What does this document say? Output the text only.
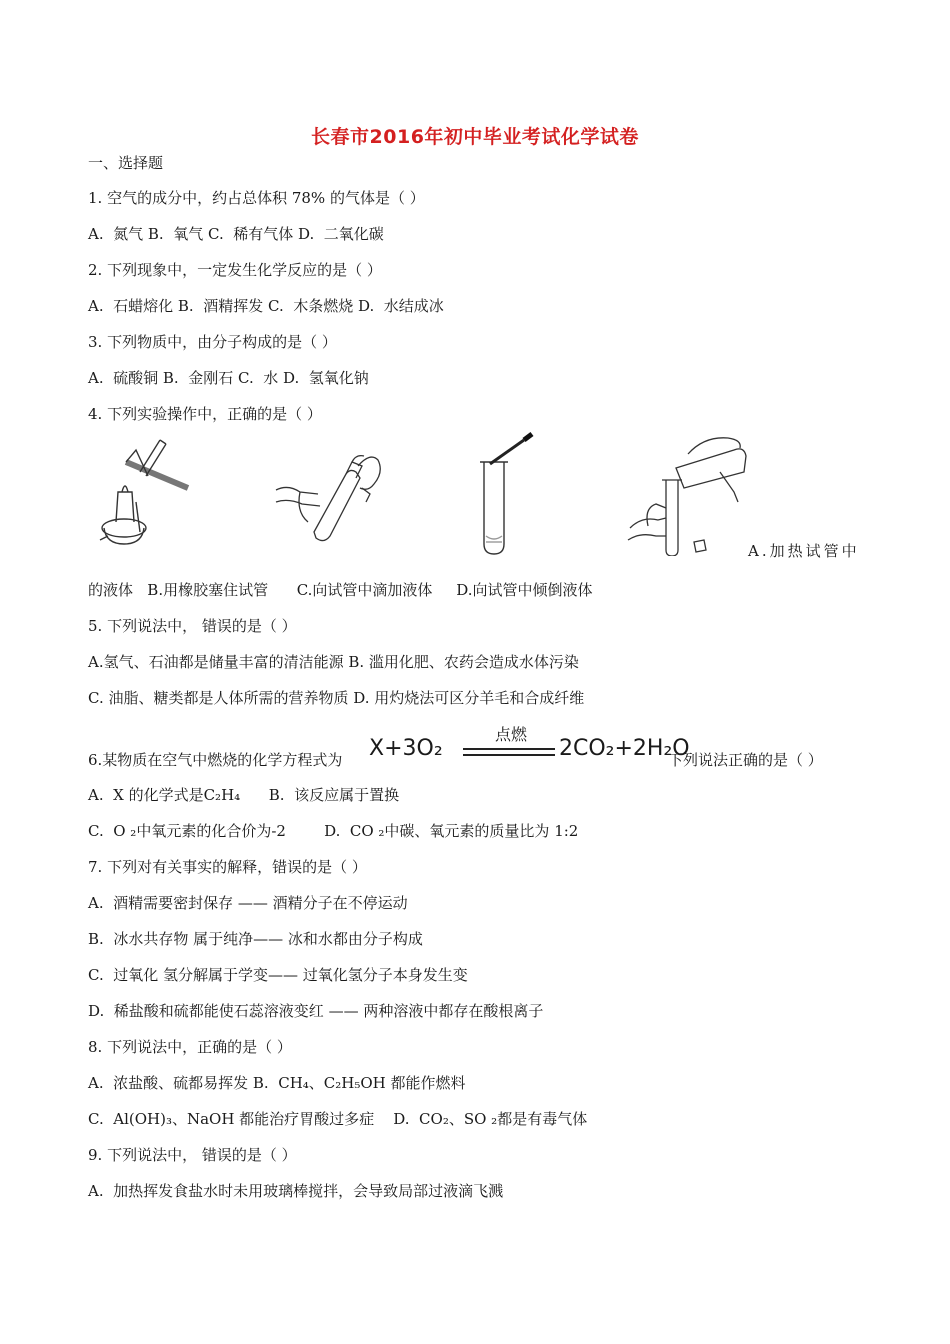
长春市2016年初中毕业考试化学试卷
一、选择题
1. 空气的成分中，约占总体积 78% 的气体是（ ）
A.  氮气 B.  氧气 C.  稀有气体 D.  二氧化碳
2. 下列现象中，一定发生化学反应的是（ ）
A.  石蜡熔化 B.  酒精挥发 C.  木条燃烧 D.  水结成冰
3. 下列物质中，由分子构成的是（ ）
A.  硫酸铜 B.  金刚石 C.  水 D.  氢氧化钠
4. 下列实验操作中，正确的是（ ）
A.加热试管中
的液体   B.用橡胶塞住试管      C.向试管中滴加液体     D.向试管中倾倒液体
5. 下列说法中， 错误的是（ ）
A.氢气、石油都是储量丰富的清洁能源 B. 滥用化肥、农药会造成水体污染
C. 油脂、糖类都是人体所需的营养物质 D. 用灼烧法可区分羊毛和合成纤维
6.某物质在空气中燃烧的化学方程式为 X+3O₂
点燃
2CO₂+2H₂O
下列说法正确的是（ ）
A.  X 的化学式是C₂H₄      B.  该反应属于置换
C.  O ₂中氧元素的化合价为-2        D.  CO ₂中碳、氧元素的质量比为 1:2
7. 下列对有关事实的解释，错误的是（ ）
A.  酒精需要密封保存 —— 酒精分子在不停运动
B.  冰水共存物 属于纯净—— 冰和水都由分子构成
C.  过氧化 氢分解属于学变—— 过氧化氢分子本身发生变
D.  稀盐酸和硫都能使石蕊溶液变红 —— 两种溶液中都存在酸根离子
8. 下列说法中，正确的是（ ）
A.  浓盐酸、硫都易挥发 B.  CH₄、C₂H₅OH 都能作燃料
C.  Al(OH)₃、NaOH 都能治疗胃酸过多症    D.  CO₂、SO ₂都是有毒气体
9. 下列说法中， 错误的是（ ）
A.  加热挥发食盐水时未用玻璃棒搅拌，会导致局部过液滴飞溅
